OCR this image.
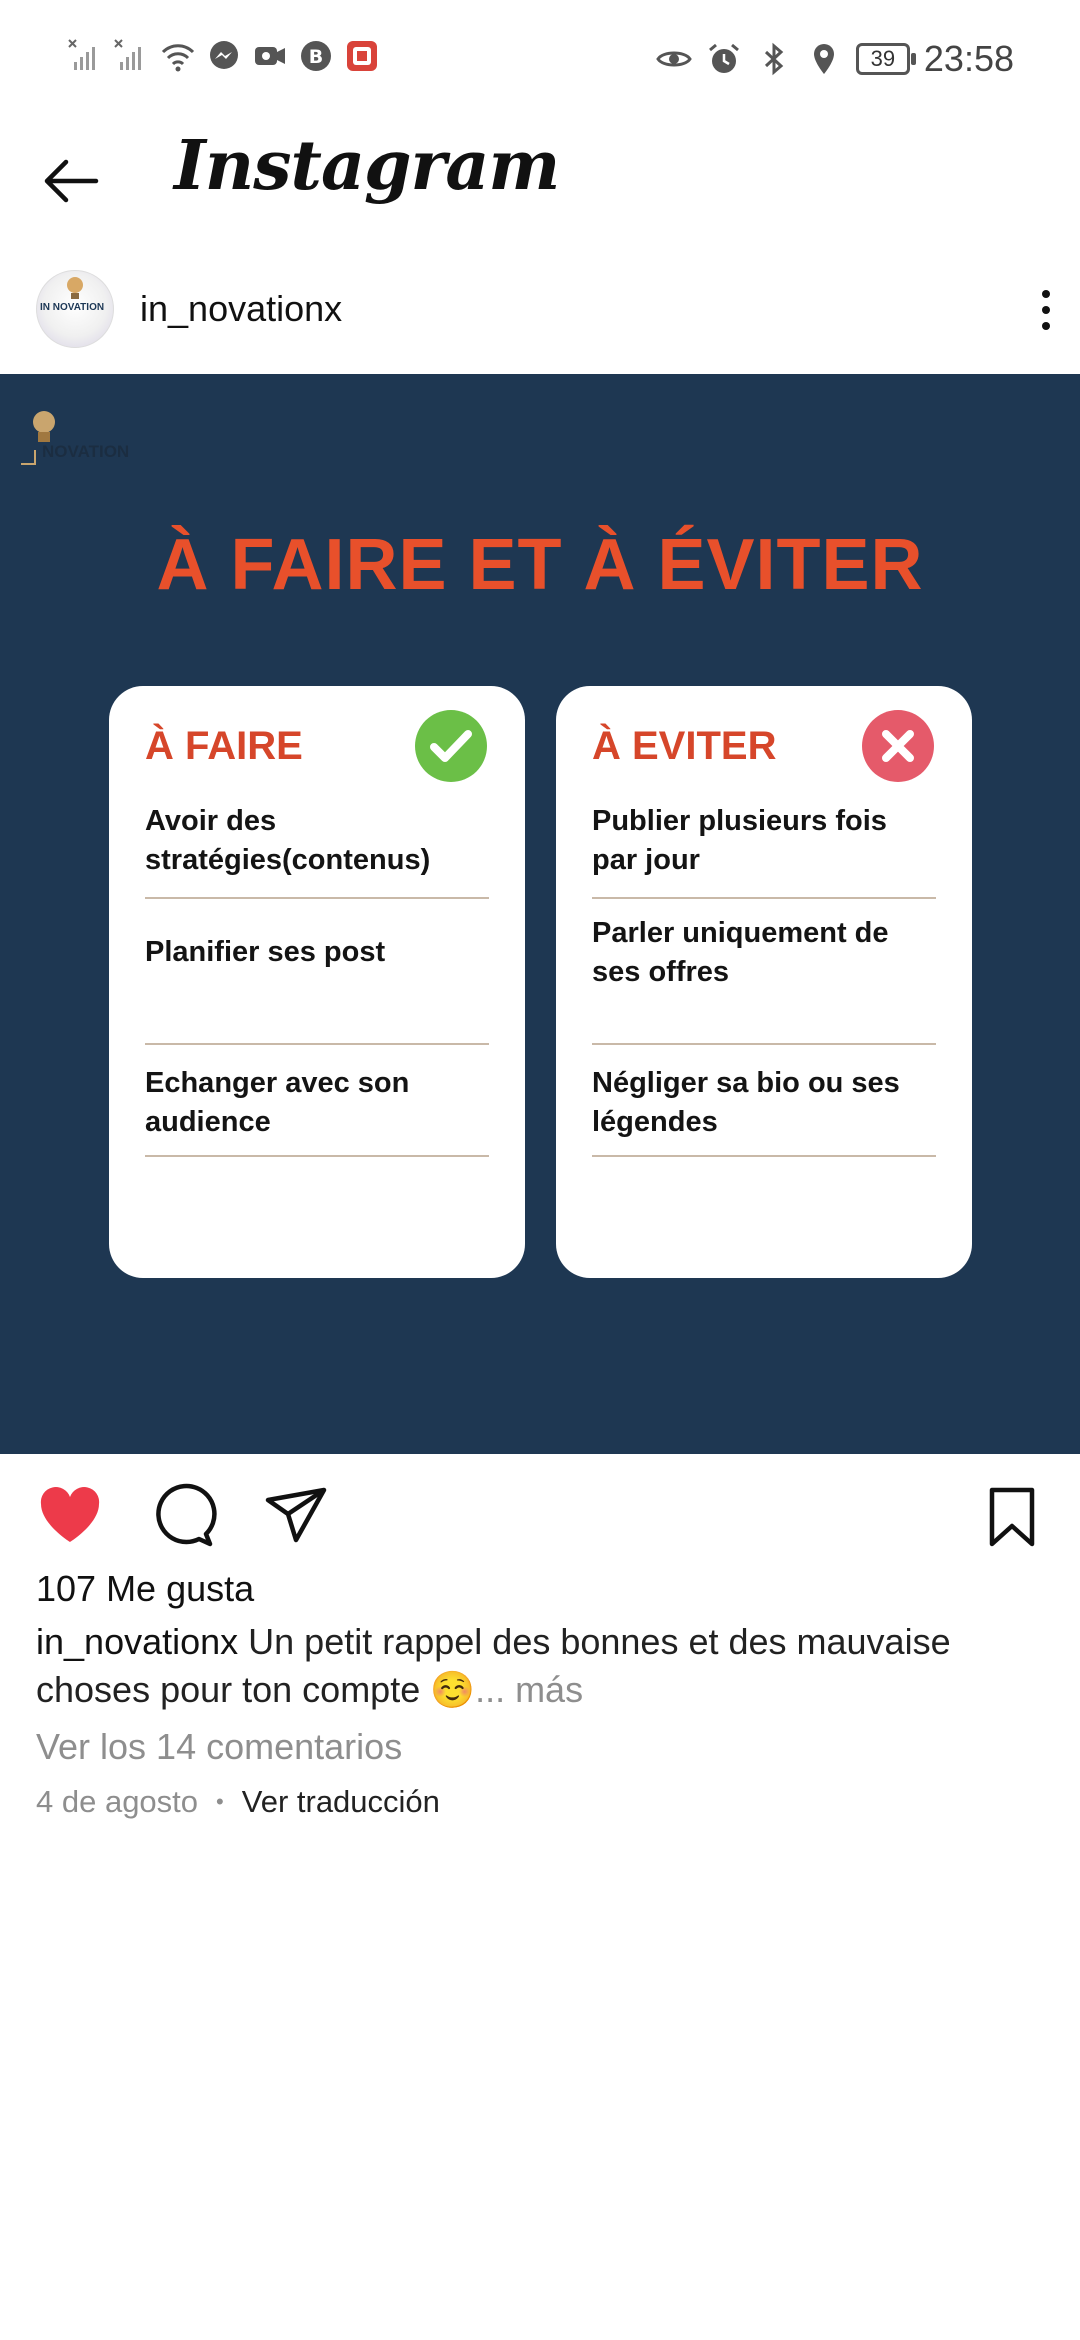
B	39 23:58
Instagram
IN NOVATION in_novationx
NOVATION
À FAIRE ET À ÉVITER
À FAIRE
Avoir des stratégies(contenus)
Planifier ses post
Echanger avec son audience
À EVITER
Publier plusieurs fois par jour
Parler uniquement de ses offres
Négliger sa bio ou ses légendes
107 Me gusta
in_novationx Un petit rappel des bonnes et des mauvaise choses pour ton compte ☺️... más
Ver los 14 comentarios
4 de agosto • Ver traducción
